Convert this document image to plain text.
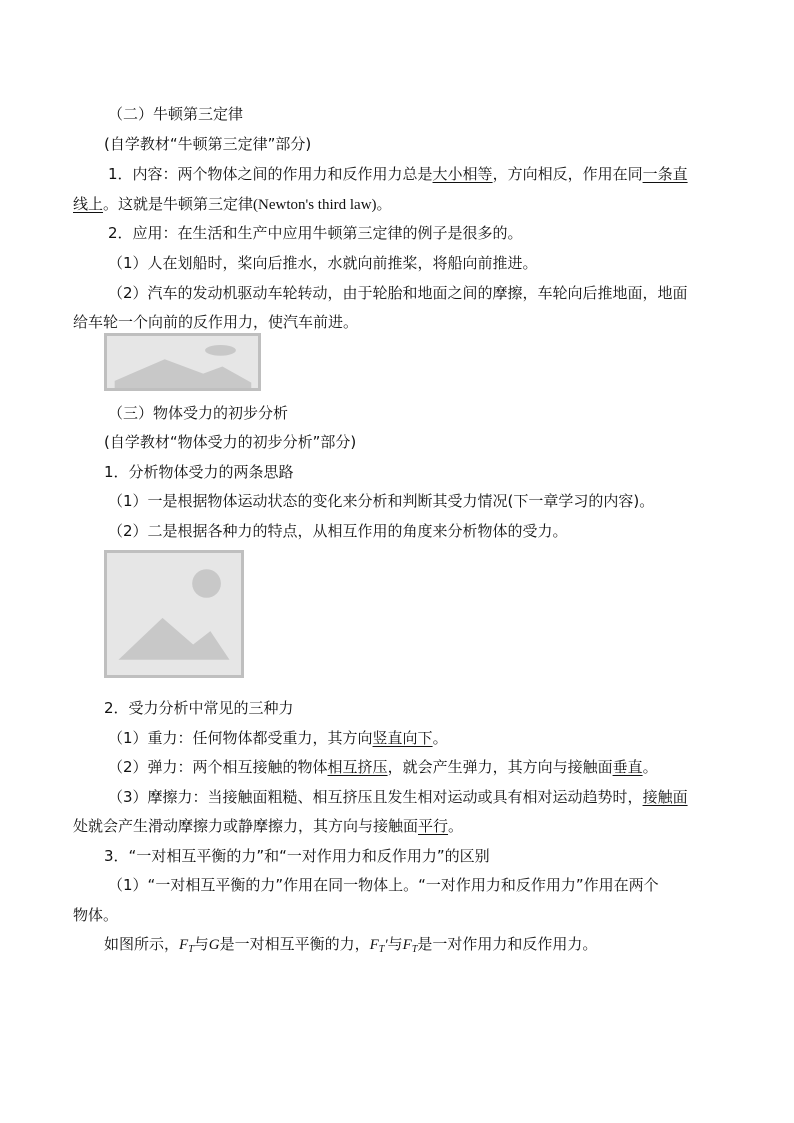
（二）牛顿第三定律
(自学教材“牛顿第三定律”部分)
1．内容：两个物体之间的作用力和反作用力总是大小相等，方向相反，作用在同一条直
线上。这就是牛顿第三定律(Newton's third law)。
2．应用：在生活和生产中应用牛顿第三定律的例子是很多的。
（1）人在划船时，桨向后推水，水就向前推桨，将船向前推进。
（2）汽车的发动机驱动车轮转动，由于轮胎和地面之间的摩擦，车轮向后推地面，地面
给车轮一个向前的反作用力，使汽车前进。
（三）物体受力的初步分析
(自学教材“物体受力的初步分析”部分)
1．分析物体受力的两条思路
（1）一是根据物体运动状态的变化来分析和判断其受力情况(下一章学习的内容)。
（2）二是根据各种力的特点，从相互作用的角度来分析物体的受力。
2．受力分析中常见的三种力
（1）重力：任何物体都受重力，其方向竖直向下。
（2）弹力：两个相互接触的物体相互挤压，就会产生弹力，其方向与接触面垂直。
（3）摩擦力：当接触面粗糙、相互挤压且发生相对运动或具有相对运动趋势时，接触面
处就会产生滑动摩擦力或静摩擦力，其方向与接触面平行。
3．“一对相互平衡的力”和“一对作用力和反作用力”的区别
（1）“一对相互平衡的力”作用在同一物体上。“一对作用力和反作用力”作用在两个
物体。
如图所示，$F_T$与G是一对相互平衡的力，$F_T'$与$F_T$是一对作用力和反作用力。
